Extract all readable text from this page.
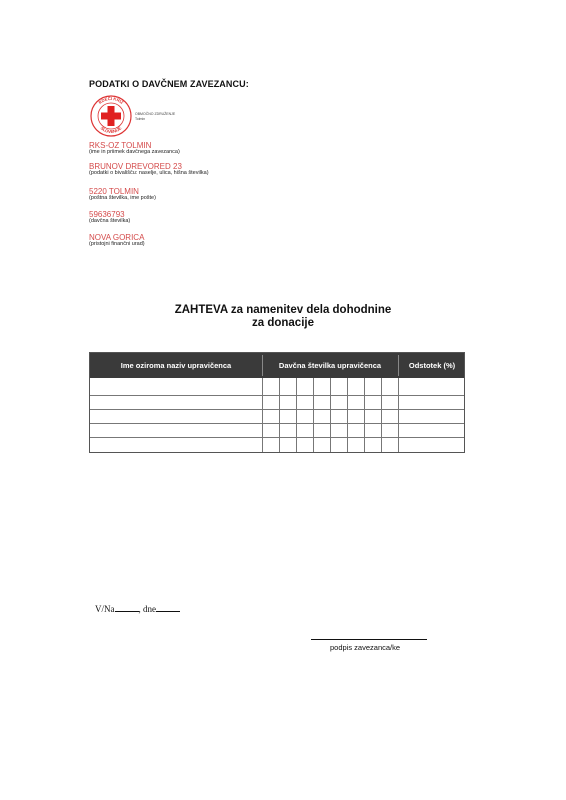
PODATKI O DAVČNEM ZAVEZANCU:
RDEČI KRIŽ
SLOVENIJE
OBMOČNO ZDRUŽENJE
Tolmin
RKS-OZ TOLMIN
(ime in priimek davčnega zavezanca)
BRUNOV DREVORED 23
(podatki o bivališču: naselje, ulica, hišna številka)
5220 TOLMIN
(poštna številka, ime pošte)
59636793
(davčna številka)
NOVA GORICA
(pristojni finančni urad)
ZAHTEVA za namenitev dela dohodnine
za donacije
Ime oziroma naziv upravičenca	Davčna številka upravičenca	Odstotek (%)
V/Na	, dne
podpis zavezanca/ke
